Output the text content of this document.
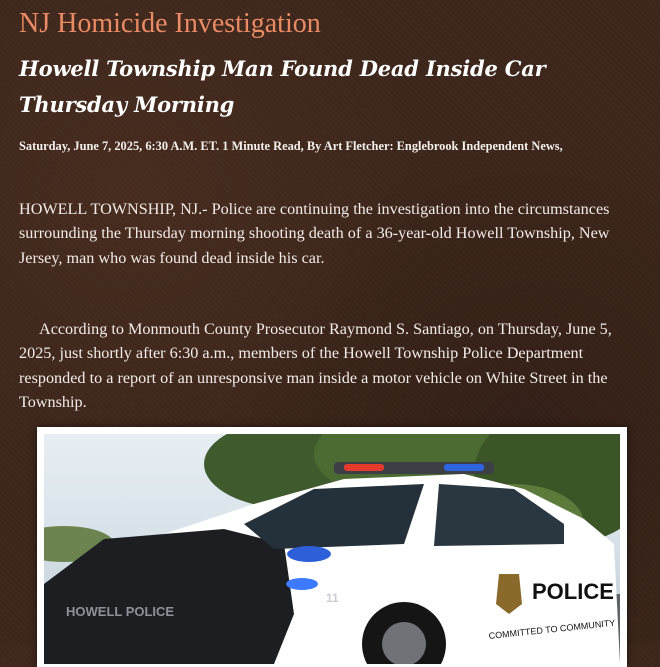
NJ Homicide Investigation
Howell Township Man Found Dead Inside Car Thursday Morning

Saturday, June 7, 2025, 6:30 A.M. ET. 1 Minute Read, By Art Fletcher: Englebrook Independent News,

HOWELL TOWNSHIP, NJ.- Police are continuing the investigation into the circumstances surrounding the Thursday morning shooting death of a 36-year-old Howell Township, New Jersey, man who was found dead inside his car.

According to Monmouth County Prosecutor Raymond S. Santiago, on Thursday, June 5, 2025, just shortly after 6:30 a.m., members of the Howell Township Police Department responded to a report of an unresponsive man inside a motor vehicle on White Street in the Township.

POLICE
COMMITTED TO COMMUNITY
HOWELL POLICE
11
